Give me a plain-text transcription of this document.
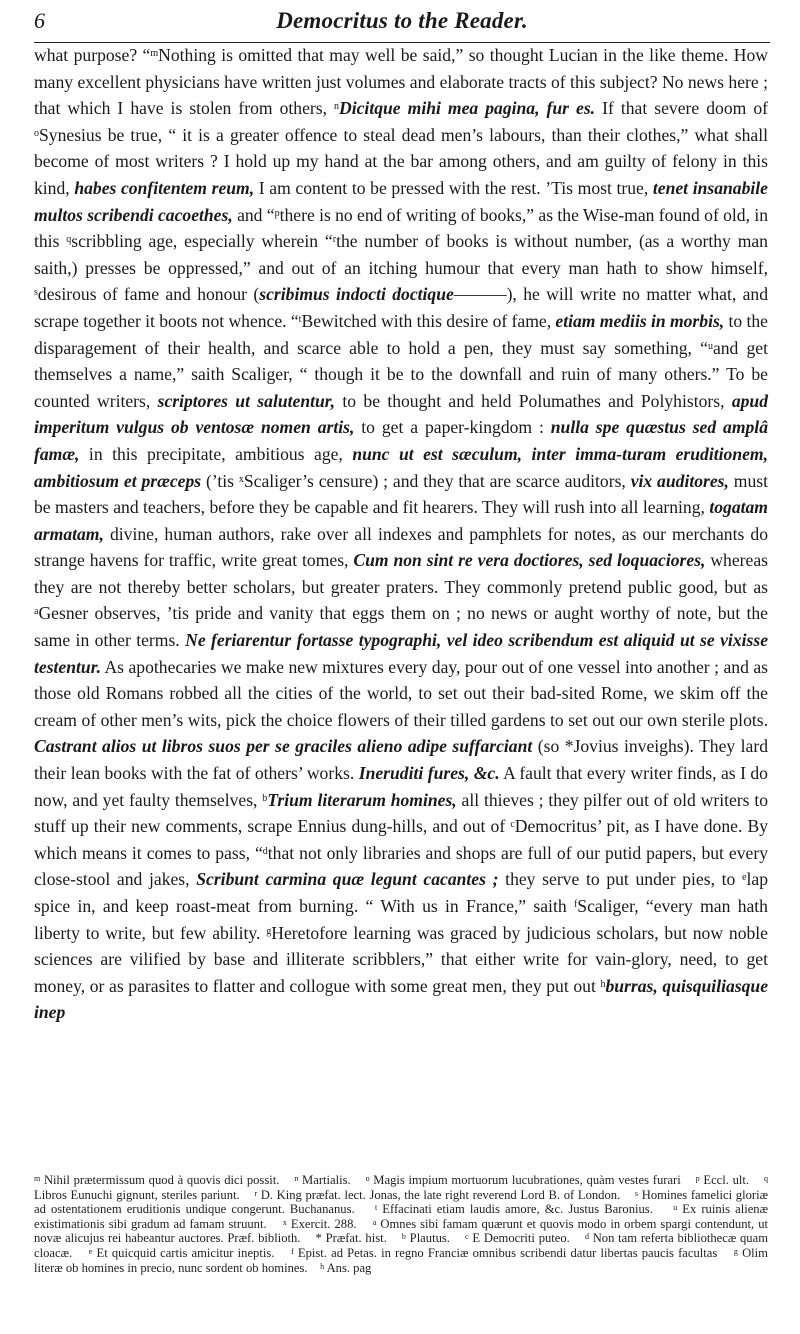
6	Democritus to the Reader.

what purpose? “$^m$Nothing is omitted that may well be said,” so thought Lucian in the like theme. How many excellent physicians have written just volumes and elaborate tracts of this subject? No news here ; that which I have is stolen from others, $^n$Dicitque mihi mea pagina, fur es. If that severe doom of $^o$Synesius be true, “ it is a greater offence to steal dead men’s labours, than their clothes,” what shall become of most writers ? I hold up my hand at the bar among others, and am guilty of felony in this kind, habes confitentem reum, I am content to be pressed with the rest. ’Tis most true, tenet insanabile multos scribendi cacoethes, and “$^p$there is no end of writing of books,” as the Wise-man found of old, in this $^q$scribbling age, especially wherein “$^r$the number of books is without number, (as a worthy man saith,) presses be oppressed,” and out of an itching humour that every man hath to show himself, $^s$desirous of fame and honour (scribimus indocti doctique———), he will write no matter what, and scrape together it boots not whence. “$^t$Bewitched with this desire of fame, etiam mediis in morbis, to the disparagement of their health, and scarce able to hold a pen, they must say something, “$^u$and get themselves a name,” saith Scaliger, “ though it be to the downfall and ruin of many others.” To be counted writers, scriptores ut salutentur, to be thought and held Polumathes and Polyhistors, apud imperitum vulgus ob ventosæ nomen artis, to get a paper-kingdom : nulla spe quæstus sed amplâ famæ, in this precipitate, ambitious age, nunc ut est sæculum, inter imma-turam eruditionem, ambitiosum et præceps (’tis $^x$Scaliger’s censure) ; and they that are scarce auditors, vix auditores, must be masters and teachers, before they be capable and fit hearers. They will rush into all learning, togatam armatam, divine, human authors, rake over all indexes and pamphlets for notes, as our merchants do strange havens for traffic, write great tomes, Cum non sint re vera doctiores, sed loquaciores, whereas they are not thereby better scholars, but greater praters. They commonly pretend public good, but as $^a$Gesner observes, ’tis pride and vanity that eggs them on ; no news or aught worthy of note, but the same in other terms. Ne feriarentur fortasse typographi, vel ideo scribendum est aliquid ut se vixisse testentur. As apothecaries we make new mixtures every day, pour out of one vessel into another ; and as those old Romans robbed all the cities of the world, to set out their bad-sited Rome, we skim off the cream of other men’s wits, pick the choice flowers of their tilled gardens to set out our own sterile plots. Castrant alios ut libros suos per se graciles alieno adipe suffarciant (so *Jovius inveighs). They lard their lean books with the fat of others’ works. Ineruditi fures, &c. A fault that every writer finds, as I do now, and yet faulty themselves, $^b$Trium literarum homines, all thieves ; they pilfer out of old writers to stuff up their new comments, scrape Ennius dung-hills, and out of $^c$Democritus’ pit, as I have done. By which means it comes to pass, “$^d$that not only libraries and shops are full of our putid papers, but every close-stool and jakes, Scribunt carmina quæ legunt cacantes ; they serve to put under pies, to $^e$lap spice in, and keep roast-meat from burning. “ With us in France,” saith $^f$Scaliger, “every man hath liberty to write, but few ability. $^g$Heretofore learning was graced by judicious scholars, but now noble sciences are vilified by base and illiterate scribblers,” that either write for vain-glory, need, to get money, or as parasites to flatter and collogue with some great men, they put out $^h$burras, quisquiliasque inep

$^m$ Nihil prætermissum quod à quovis dici possit.    $^n$ Martialis.    $^o$ Magis impium mortuorum lucubrationes, quàm vestes furari    $^p$ Eccl. ult.    $^q$ Libros Eunuchi gignunt, steriles pariunt.    $^r$ D. King præfat. lect. Jonas, the late right reverend Lord B. of London.    $^s$ Homines famelici gloriæ ad ostentationem eruditionis undique congerunt. Buchananus.    $^t$ Effacinati etiam laudis amore, &c. Justus Baronius.    $^u$ Ex ruinis alienæ existimationis sibi gradum ad famam struunt.    $^x$ Exercit. 288.    $^a$ Omnes sibi famam quærunt et quovis modo in orbem spargi contendunt, ut novæ alicujus rei habeantur auctores. Præf. biblioth.    * Præfat. hist.    $^b$ Plautus.    $^c$ E Democriti puteo.    $^d$ Non tam referta bibliothecæ quam cloacæ.    $^e$ Et quicquid cartis amicitur ineptis.    $^f$ Epist. ad Petas. in regno Franciæ omnibus scribendi datur libertas paucis facultas    $^g$ Olim literæ ob homines in precio, nunc sordent ob homines.    $^h$ Ans. pag
